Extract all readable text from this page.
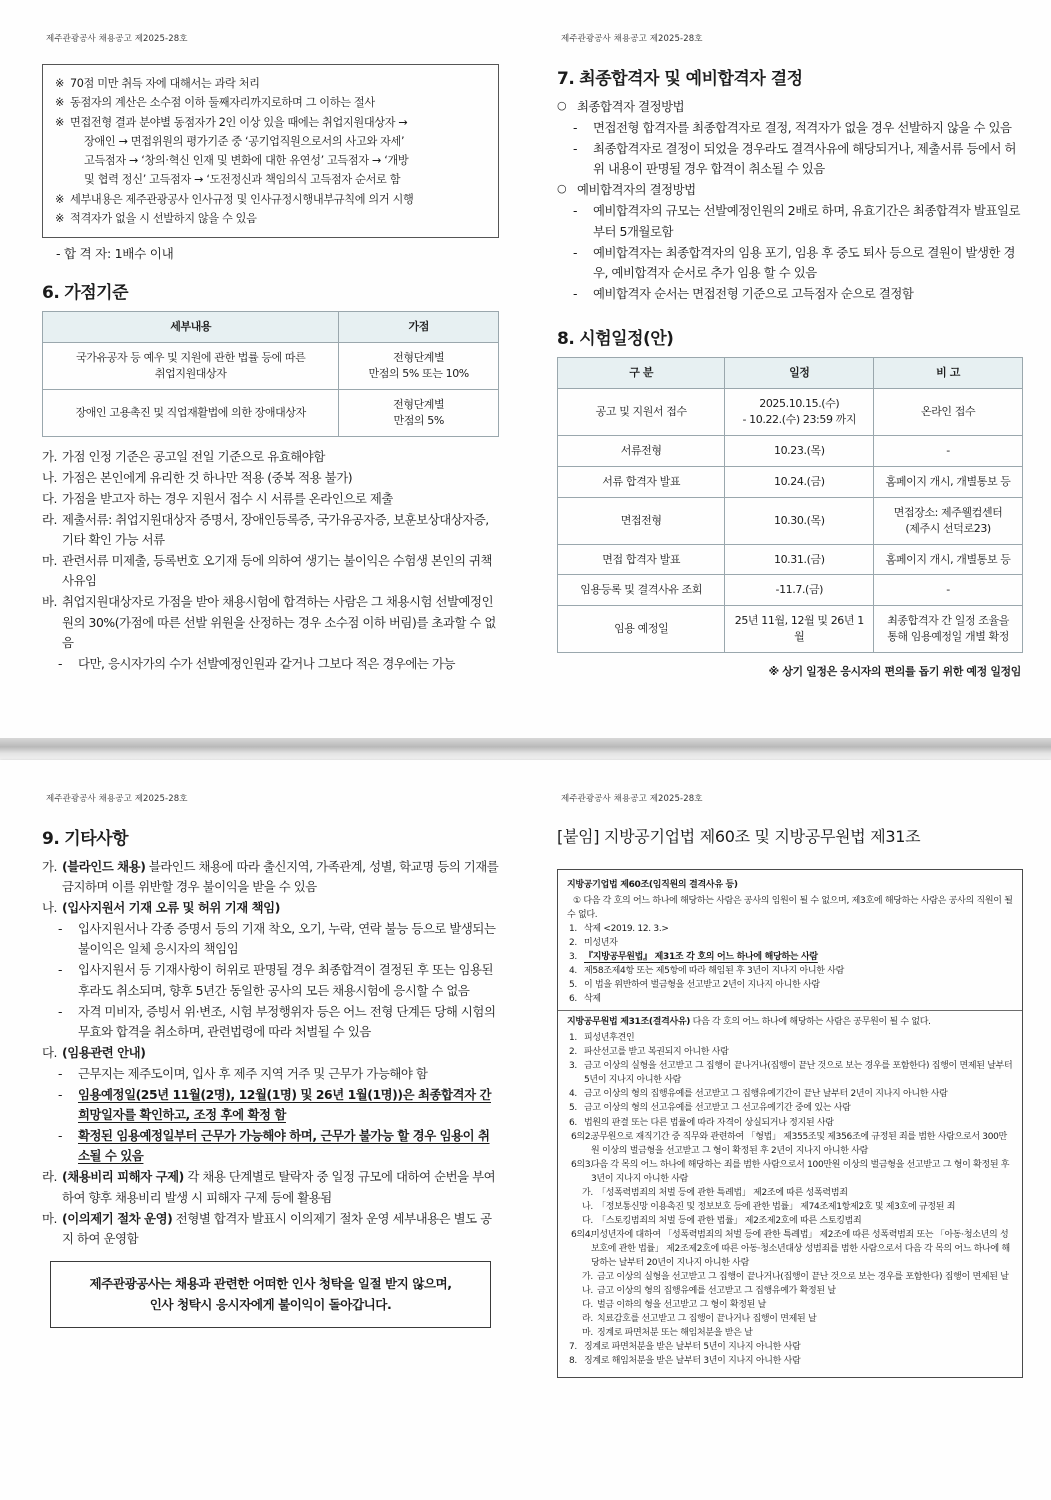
제주관광공사 채용공고 제2025-28호
※ 70점 미만 취득 자에 대해서는 과락 처리
※ 동점자의 계산은 소수점 이하 둘째자리까지로하며 그 이하는 절사
※ 면접전형 결과 분야별 동점자가 2인 이상 있을 때에는 취업지원대상자 →
장애인 → 면접위원의 평가기준 중 ‘공기업직원으로서의 사고와 자세’
고득점자 → ‘창의·혁신 인재 및 변화에 대한 유연성’ 고득점자 → ‘개방
및 협력 정신’ 고득점자 → ‘도전정신과 책임의식 고득점자 순서로 함
※ 세부내용은 제주관광공사 인사규정 및 인사규정시행내부규칙에 의거 시행
※ 적격자가 없을 시 선발하지 않을 수 있음
- 합 격 자: 1배수 이내
6. 가점기준
세부내용	가점
국가유공자 등 예우 및 지원에 관한 법률 등에 따른
취업지원대상자	전형단계별
만점의 5% 또는 10%
장애인 고용촉진 및 직업재활법에 의한 장애대상자	전형단계별
만점의 5%
가. 가점 인정 기준은 공고일 전일 기준으로 유효해야함
나. 가점은 본인에게 유리한 것 하나만 적용 (중복 적용 불가)
다. 가점을 받고자 하는 경우 지원서 접수 시 서류를 온라인으로 제출
라. 제출서류: 취업지원대상자 증명서, 장애인등록증, 국가유공자증, 보훈보상대상자증, 기타 확인 가능 서류
마. 관련서류 미제출, 등록번호 오기재 등에 의하여 생기는 불이익은 수험생 본인의 귀책 사유임
바. 취업지원대상자로 가점을 받아 채용시험에 합격하는 사람은 그 채용시험 선발예정인원의 30%(가점에 따른 선발 위원을 산정하는 경우 소수점 이하 버림)를 초과할 수 없음
- 다만, 응시자가의 수가 선발예정인원과 같거나 그보다 적은 경우에는 가능
제주관광공사 채용공고 제2025-28호
7. 최종합격자 및 예비합격자 결정
○ 최종합격자 결정방법
- 면접전형 합격자를 최종합격자로 결정, 적격자가 없을 경우 선발하지 않을 수 있음
- 최종합격자로 결정이 되었을 경우라도 결격사유에 해당되거나, 제출서류 등에서 허위 내용이 판명될 경우 합격이 취소될 수 있음
○ 예비합격자의 결정방법
- 예비합격자의 규모는 선발예정인원의 2배로 하며, 유효기간은 최종합격자 발표일로부터 5개월로함
- 예비합격자는 최종합격자의 임용 포기, 임용 후 중도 퇴사 등으로 결원이 발생한 경우, 예비합격자 순서로 추가 임용 할 수 있음
- 예비합격자 순서는 면접전형 기준으로 고득점자 순으로 결정함
8. 시험일정(안)
구 분	일정	비 고
공고 및 지원서 접수	2025.10.15.(수)
- 10.22.(수) 23:59 까지	온라인 접수
서류전형	10.23.(목)	-
서류 합격자 발표	10.24.(금)	홈페이지 개시, 개별통보 등
면접전형	10.30.(목)	면접장소: 제주웰컴센터
(제주시 선덕로23)
면접 합격자 발표	10.31.(금)	홈페이지 개시, 개별통보 등
임용등록 및 결격사유 조회	-11.7.(금)	-
임용 예정일	25년 11월, 12월 및 26년 1월	최종합격자 간 일정 조율을
통해 임용예정일 개별 확정
※ 상기 일정은 응시자의 편의를 돕기 위한 예정 일정임
제주관광공사 채용공고 제2025-28호
9. 기타사항
가. (블라인드 채용) 블라인드 채용에 따라 출신지역, 가족관계, 성별, 학교명 등의 기재를 금지하며 이를 위반할 경우 불이익을 받을 수 있음
나. (입사지원서 기재 오류 및 허위 기재 책임)
- 입사지원서나 각종 증명서 등의 기재 착오, 오기, 누락, 연락 불능 등으로 발생되는 불이익은 일체 응시자의 책임임
- 입사지원서 등 기재사항이 허위로 판명될 경우 최종합격이 결정된 후 또는 임용된 후라도 취소되며, 향후 5년간 동일한 공사의 모든 채용시험에 응시할 수 없음
- 자격 미비자, 증빙서 위·변조, 시험 부정행위자 등은 어느 전형 단계든 당해 시험의 무효와 합격을 취소하며, 관련법령에 따라 처벌될 수 있음
다. (임용관련 안내)
- 근무지는 제주도이며, 입사 후 제주 지역 거주 및 근무가 가능해야 함
- 임용예정일(25년 11월(2명), 12월(1명) 및 26년 1월(1명))은 최종합격자 간 희망일자를 확인하고, 조정 후에 확정 함
- 확정된 임용예정일부터 근무가 가능해야 하며, 근무가 불가능 할 경우 임용이 취소될 수 있음
라. (채용비리 피해자 구제) 각 채용 단계별로 탈락자 중 일정 규모에 대하여 순번을 부여하여 향후 채용비리 발생 시 피해자 구제 등에 활용됨
마. (이의제기 절차 운영) 전형별 합격자 발표시 이의제기 절차 운영 세부내용은 별도 공지 하여 운영함
제주관광공사는 채용과 관련한 어떠한 인사 청탁을 일절 받지 않으며,
인사 청탁시 응시자에게 불이익이 돌아갑니다.
제주관광공사 채용공고 제2025-28호
[붙임] 지방공기업법 제60조 및 지방공무원법 제31조
지방공기업법 제60조(임직원의 결격사유 등)
① 다음 각 호의 어느 하나에 해당하는 사람은 공사의 임원이 될 수 없으며, 제3호에 해당하는 사람은 공사의 직원이 될 수 없다.
1. 삭제 <2019. 12. 3.>
2. 미성년자
3. 『지방공무원법』 제31조 각 호의 어느 하나에 해당하는 사람
4. 제58조제4항 또는 제5항에 따라 해임된 후 3년이 지나지 아니한 사람
5. 이 법을 위반하여 벌금형을 선고받고 2년이 지나지 아니한 사람
6. 삭제
지방공무원법 제31조(결격사유) 다음 각 호의 어느 하나에 해당하는 사람은 공무원이 될 수 없다.
1. 피성년후견인
2. 파산선고를 받고 복권되지 아니한 사람
3. 금고 이상의 실형을 선고받고 그 집행이 끝나거나(집행이 끝난 것으로 보는 경우를 포함한다) 집행이 면제된 날부터 5년이 지나지 아니한 사람
4. 금고 이상의 형의 집행유예를 선고받고 그 집행유예기간이 끝난 날부터 2년이 지나지 아니한 사람
5. 금고 이상의 형의 선고유예를 선고받고 그 선고유예기간 중에 있는 사람
6. 법원의 판결 또는 다른 법률에 따라 자격이 상실되거나 정지된 사람
6의2.
공무원으로 재직기간 중 직무와 관련하여 「형법」 제355조및 제356조에 규정된 죄를 범한 사람으로서 300만원 이상의 벌금형을 선고받고 그 형이 확정된 후 2년이 지나지 아니한 사람
6의3.
다음 각 목의 어느 하나에 해당하는 죄를 범한 사람으로서 100만원 이상의 벌금형을 선고받고 그 형이 확정된 후 3년이 지나지 아니한 사람
가. 「성폭력범죄의 처벌 등에 관한 특례법」 제2조에 따른 성폭력범죄
나. 「정보통신망 이용촉진 및 정보보호 등에 관한 법률」 제74조제1항제2호 및 제3호에 규정된 죄
다. 「스토킹범죄의 처벌 등에 관한 법률」 제2조제2호에 따른 스토킹범죄
6의4.
미성년자에 대하여 「성폭력범죄의 처벌 등에 관한 특례법」 제2조에 따른 성폭력범죄 또는 「아동·청소년의 성보호에 관한 법률」 제2조제2호에 따른 아동·청소년대상 성범죄를 범한 사람으로서 다음 각 목의 어느 하나에 해당하는 날부터 20년이 지나지 아니한 사람
가. 금고 이상의 실형을 선고받고 그 집행이 끝나거나(집행이 끝난 것으로 보는 경우를 포함한다) 집행이 면제된 날
나. 금고 이상의 형의 집행유예를 선고받고 그 집행유예가 확정된 날
다. 벌금 이하의 형을 선고받고 그 형이 확정된 날
라. 치료감호를 선고받고 그 집행이 끝나거나 집행이 면제된 날
마. 징계로 파면처분 또는 해임처분을 받은 날
7. 징계로 파면처분을 받은 날부터 5년이 지나지 아니한 사람
8. 징계로 해임처분을 받은 날부터 3년이 지나지 아니한 사람
